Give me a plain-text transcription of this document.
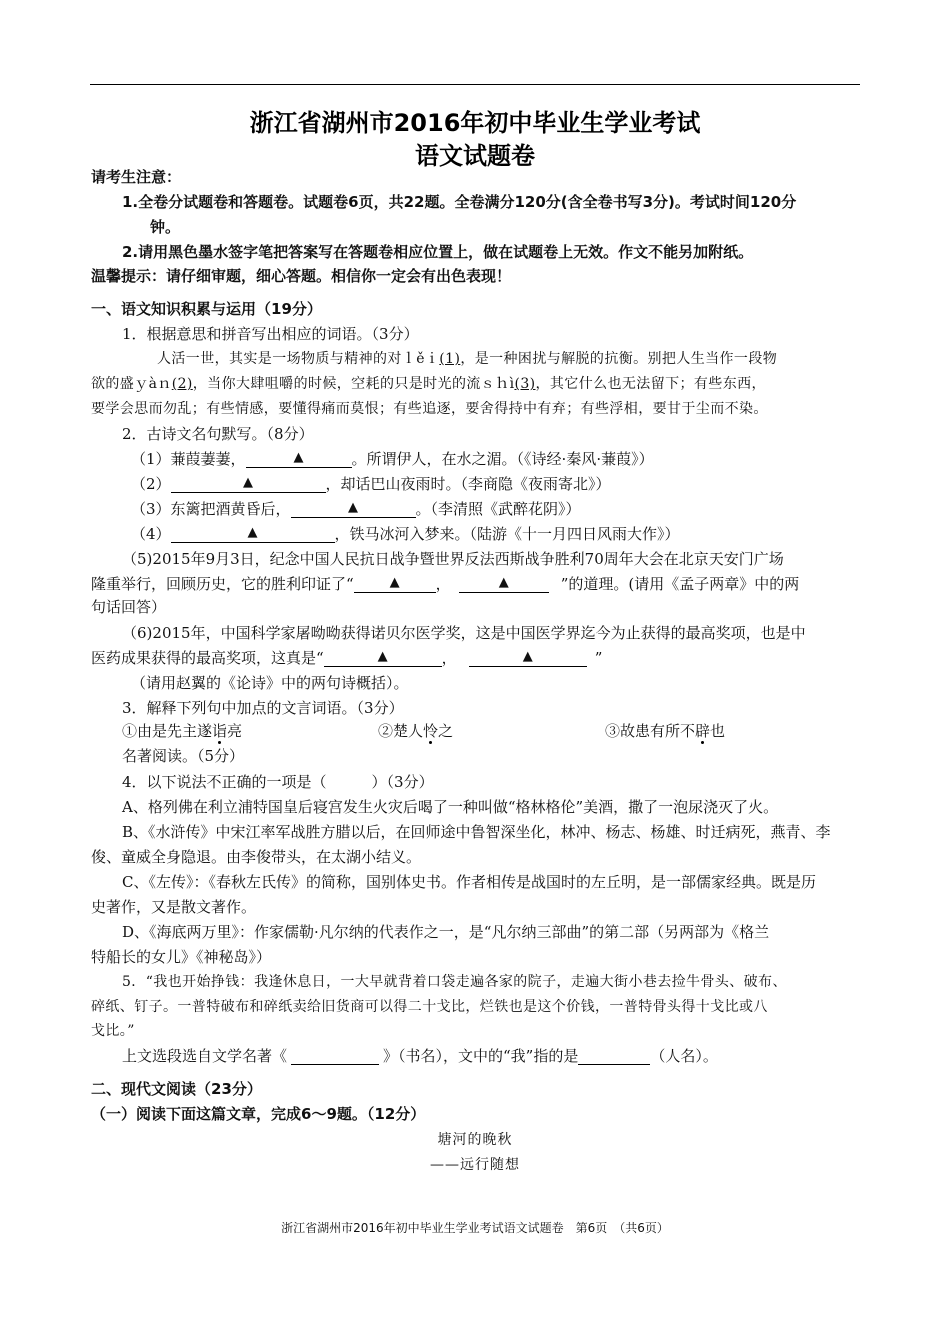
浙江省湖州市2016年初中毕业生学业考试
语文试题卷
请考生注意：
1.全卷分试题卷和答题卷。试题卷6页，共22题。全卷满分120分(含全卷书写3分)。考试时间120分
钟。
2.请用黑色墨水签字笔把答案写在答题卷相应位置上，做在试题卷上无效。作文不能另加附纸。
温馨提示：请仔细审题，细心答题。相信你一定会有出色表现！
一、语文知识积累与运用（19分）
1．根据意思和拼音写出相应的词语。（3分）
人活一世，其实是一场物质与精神的对ｌěｉ(1)，是一种困扰与解脱的抗衡。别把人生当作一段物
欲的盛ｙàｎ(2)，当你大肆咀嚼的时候，空耗的只是时光的流ｓｈì(3)，其它什么也无法留下；有些东西，
要学会思而勿乱；有些情感，要懂得痛而莫恨；有些追逐，要舍得持中有弃；有些浮相，要甘于尘而不染。
2．古诗文名句默写。（8分）
（1）蒹葭萋萋，	▲	。所谓伊人，在水之湄。（《诗经·秦风·蒹葭》）
（2）	▲	，却话巴山夜雨时。（李商隐《夜雨寄北》）
（3）东篱把酒黄昏后，	▲	。（李清照《武醉花阴》）
（4）	▲	，铁马冰河入梦来。（陆游《十一月四日风雨大作》）
（5)2015年9月3日，纪念中国人民抗日战争暨世界反法西斯战争胜利70周年大会在北京天安门广场
隆重举行，回顾历史，它的胜利印证了“	▲	，	▲	”的道理。(请用《孟子两章》中的两
句话回答）
（6)2015年，中国科学家屠呦呦获得诺贝尔医学奖，这是中国医学界迄今为止获得的最高奖项，也是中
医药成果获得的最高奖项，这真是“	▲	，	▲	”
（请用赵翼的《论诗》中的两句诗概括）。
3．解释下列句中加点的文言词语。（3分）
①由是先主遂诣亮	②楚人怜之	③故患有所不辟也
名著阅读。（5分）
4．以下说法不正确的一项是（　　　）（3分）
A、格列佛在利立浦特国皇后寝宫发生火灾后喝了一种叫做“格林格伦”美酒，撒了一泡尿浇灭了火。
B、《水浒传》中宋江率军战胜方腊以后，在回师途中鲁智深坐化，林冲、杨志、杨雄、时迁病死，燕青、李
俊、童威全身隐退。由李俊带头，在太湖小结义。
C、《左传》：《春秋左氏传》的简称，国别体史书。作者相传是战国时的左丘明，是一部儒家经典。既是历
史著作，又是散文著作。
D、《海底两万里》：作家儒勒·凡尔纳的代表作之一，是“凡尔纳三部曲”的第二部（另两部为《格兰
特船长的女儿》《神秘岛》）
5．“我也开始挣钱：我逢休息日，一大早就背着口袋走遍各家的院子，走遍大街小巷去捡牛骨头、破布、
碎纸、钉子。一普特破布和碎纸卖给旧货商可以得二十戈比，烂铁也是这个价钱，一普特骨头得十戈比或八
戈比。”
上文选段选自文学名著《	》（书名），文中的“我”指的是	（人名）。
二、现代文阅读（23分）
（一）阅读下面这篇文章，完成6～9题。（12分）
塘河的晚秋
——远行随想
浙江省湖州市2016年初中毕业生学业考试语文试题卷　第6页　（共6页）
